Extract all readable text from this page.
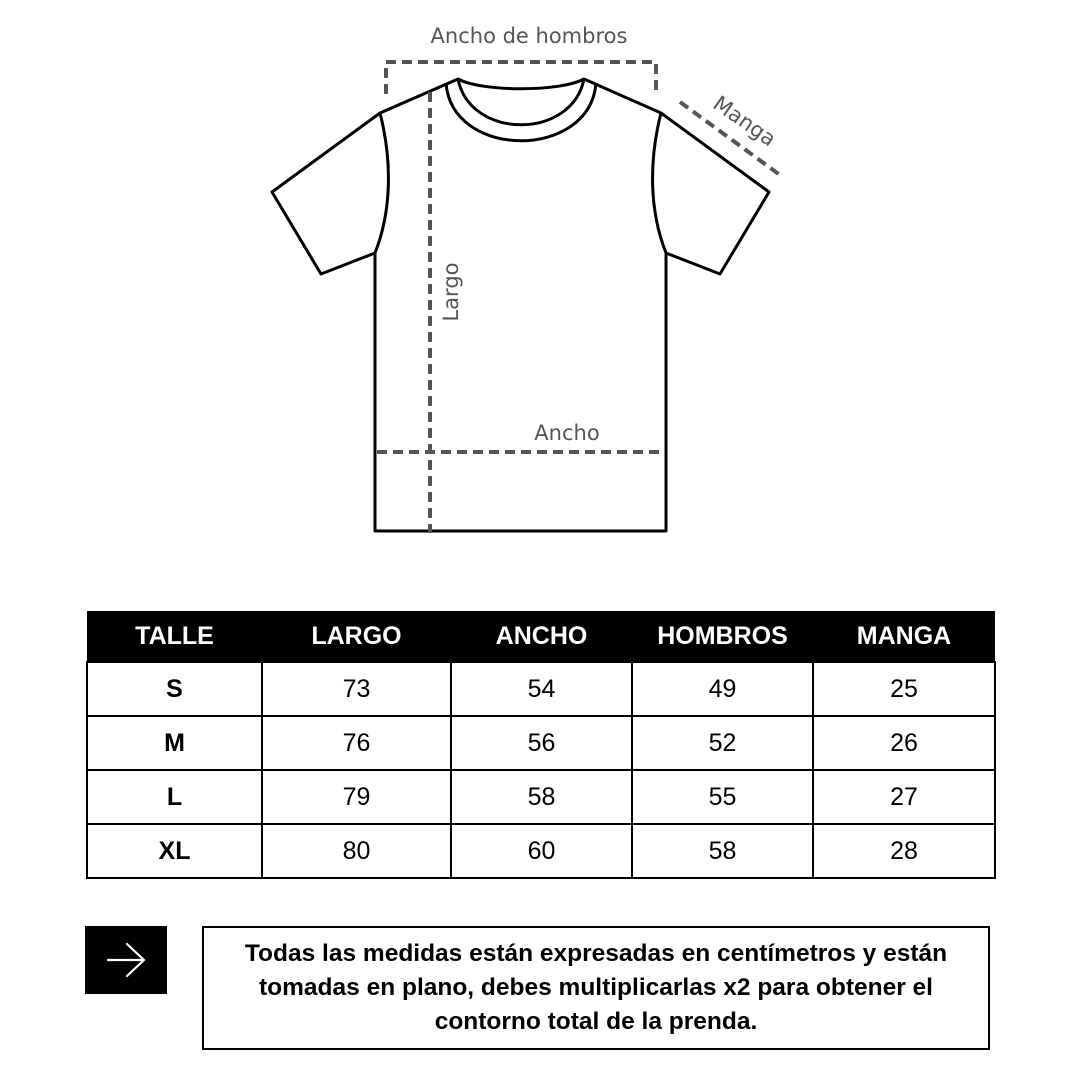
Ancho de hombros
Manga
Largo
Ancho
TALLE	LARGO	ANCHO	HOMBROS	MANGA
S	73	54	49	25
M	76	56	52	26
L	79	58	55	27
XL	80	60	58	28
Todas las medidas están expresadas en centímetros y están tomadas en plano, debes multiplicarlas x2 para obtener el contorno total de la prenda.
